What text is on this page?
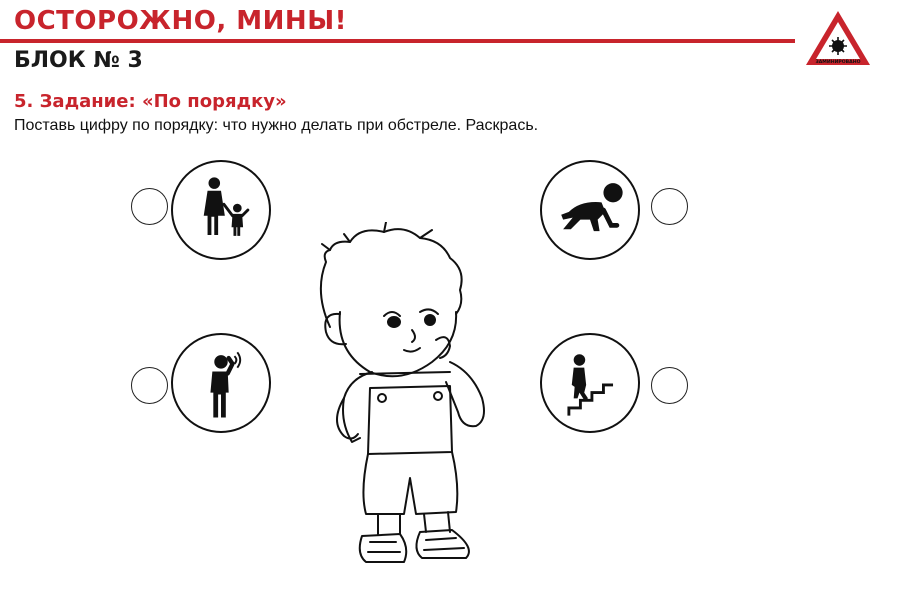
ОСТОРОЖНО, МИНЫ!
БЛОК № 3	ЗАМИНИРОВАНО
5. Задание: «По порядку»
Поставь цифру по порядку: что нужно делать при обстреле. Раскрась.
